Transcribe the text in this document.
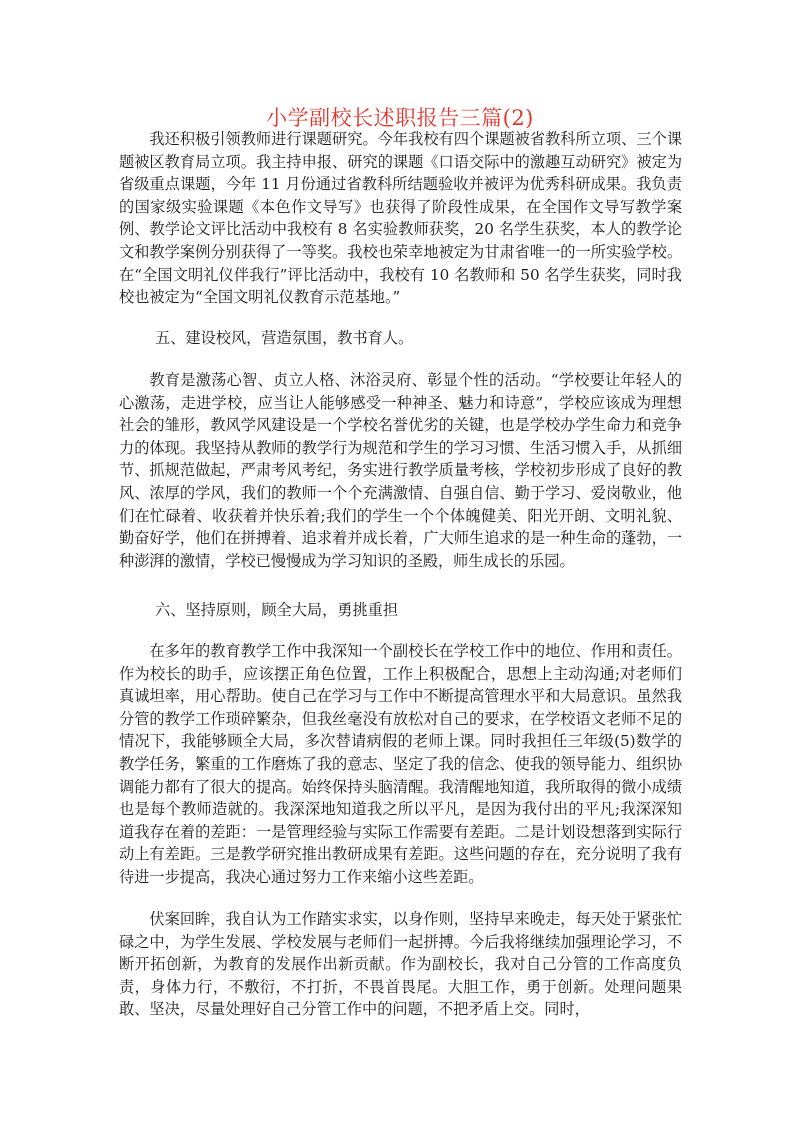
小学副校长述职报告三篇(2)

我还积极引领教师进行课题研究。今年我校有四个课题被省教科所立项、三个课题被区教育局立项。我主持申报、研究的课题《口语交际中的激趣互动研究》被定为省级重点课题，今年 11 月份通过省教科所结题验收并被评为优秀科研成果。我负责的国家级实验课题《本色作文导写》也获得了阶段性成果，在全国作文导写教学案例、教学论文评比活动中我校有 8 名实验教师获奖，20 名学生获奖，本人的教学论文和教学案例分别获得了一等奖。我校也荣幸地被定为甘肃省唯一的一所实验学校。在“全国文明礼仪伴我行”评比活动中，我校有 10 名教师和 50 名学生获奖，同时我校也被定为“全国文明礼仪教育示范基地。”

五、建设校风，营造氛围，教书育人。

教育是激荡心智、贞立人格、沐浴灵府、彰显个性的活动。“学校要让年轻人的心激荡，走进学校，应当让人能够感受一种神圣、魅力和诗意”，学校应该成为理想社会的雏形，教风学风建设是一个学校名誉优劣的关键，也是学校办学生命力和竞争力的体现。我坚持从教师的教学行为规范和学生的学习习惯、生活习惯入手，从抓细节、抓规范做起，严肃考风考纪，务实进行教学质量考核，学校初步形成了良好的教风、浓厚的学风，我们的教师一个个充满激情、自强自信、勤于学习、爱岗敬业，他们在忙碌着、收获着并快乐着;我们的学生一个个体魄健美、阳光开朗、文明礼貌、勤奋好学，他们在拼搏着、追求着并成长着，广大师生追求的是一种生命的蓬勃，一种澎湃的激情，学校已慢慢成为学习知识的圣殿，师生成长的乐园。

六、坚持原则，顾全大局，勇挑重担

在多年的教育教学工作中我深知一个副校长在学校工作中的地位、作用和责任。作为校长的助手，应该摆正角色位置，工作上积极配合，思想上主动沟通;对老师们真诚坦率，用心帮助。使自己在学习与工作中不断提高管理水平和大局意识。虽然我分管的教学工作琐碎繁杂，但我丝毫没有放松对自己的要求，在学校语文老师不足的情况下，我能够顾全大局，多次替请病假的老师上课。同时我担任三年级(5)数学的教学任务，繁重的工作磨炼了我的意志、坚定了我的信念、使我的领导能力、组织协调能力都有了很大的提高。始终保持头脑清醒。我清醒地知道，我所取得的微小成绩也是每个教师造就的。我深深地知道我之所以平凡，是因为我付出的平凡;我深深知道我存在着的差距：一是管理经验与实际工作需要有差距。二是计划设想落到实际行动上有差距。三是教学研究推出教研成果有差距。这些问题的存在，充分说明了我有待进一步提高，我决心通过努力工作来缩小这些差距。

伏案回眸，我自认为工作踏实求实，以身作则，坚持早来晚走，每天处于紧张忙碌之中，为学生发展、学校发展与老师们一起拼搏。今后我将继续加强理论学习，不断开拓创新，为教育的发展作出新贡献。作为副校长，我对自己分管的工作高度负责，身体力行，不敷衍，不打折，不畏首畏尾。大胆工作，勇于创新。处理问题果敢、坚决，尽量处理好自己分管工作中的问题，不把矛盾上交。同时，
